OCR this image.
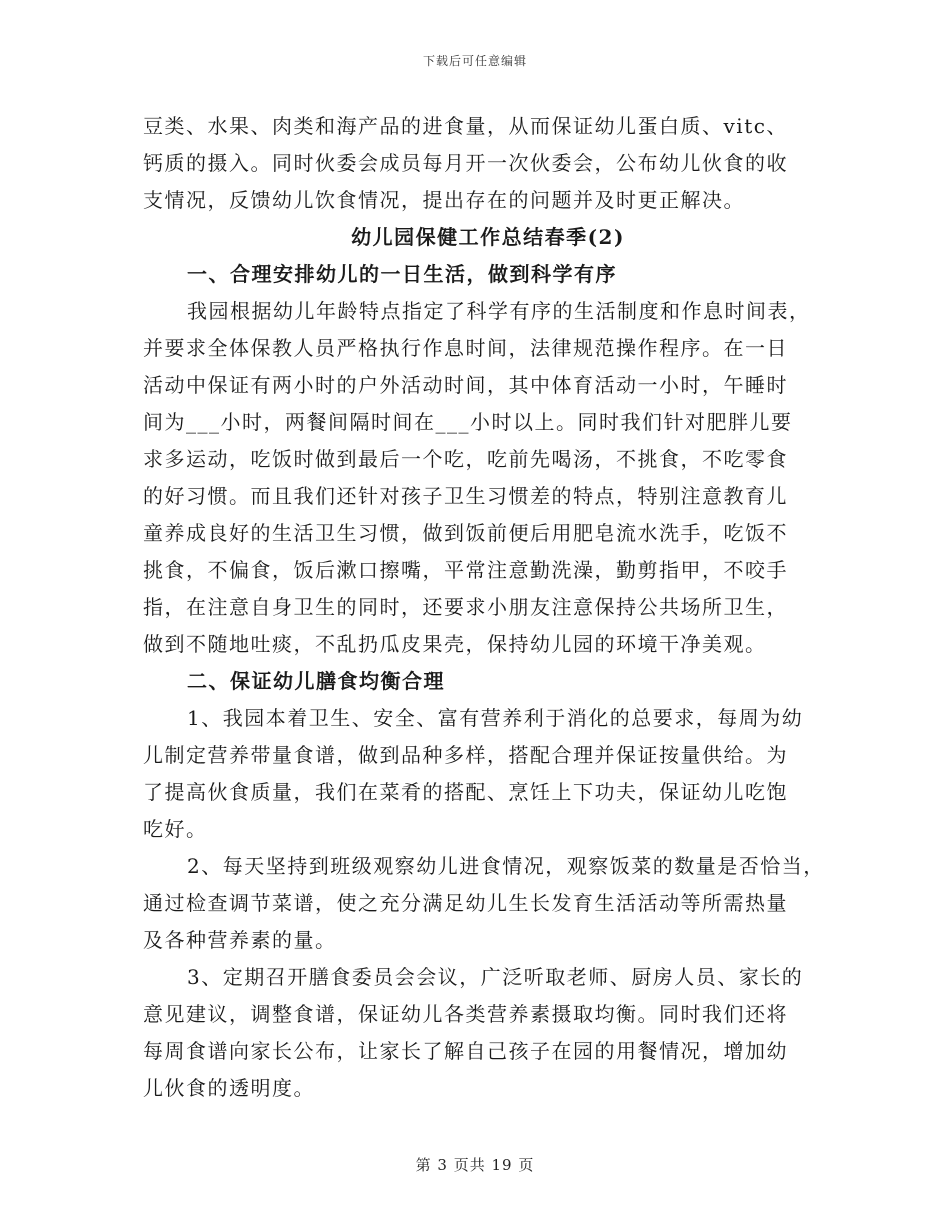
下载后可任意编辑
豆类、水果、肉类和海产品的进食量，从而保证幼儿蛋白质、vitc、
钙质的摄入。同时伙委会成员每月开一次伙委会，公布幼儿伙食的收
支情况，反馈幼儿饮食情况，提出存在的问题并及时更正解决。
幼儿园保健工作总结春季(2)
一、合理安排幼儿的一日生活，做到科学有序
我园根据幼儿年龄特点指定了科学有序的生活制度和作息时间表，
并要求全体保教人员严格执行作息时间，法律规范操作程序。在一日
活动中保证有两小时的户外活动时间，其中体育活动一小时，午睡时
间为___小时，两餐间隔时间在___小时以上。同时我们针对肥胖儿要
求多运动，吃饭时做到最后一个吃，吃前先喝汤，不挑食，不吃零食
的好习惯。而且我们还针对孩子卫生习惯差的特点，特别注意教育儿
童养成良好的生活卫生习惯，做到饭前便后用肥皂流水洗手，吃饭不
挑食，不偏食，饭后漱口擦嘴，平常注意勤洗澡，勤剪指甲，不咬手
指，在注意自身卫生的同时，还要求小朋友注意保持公共场所卫生，
做到不随地吐痰，不乱扔瓜皮果壳，保持幼儿园的环境干净美观。
二、保证幼儿膳食均衡合理
1、我园本着卫生、安全、富有营养利于消化的总要求，每周为幼
儿制定营养带量食谱，做到品种多样，搭配合理并保证按量供给。为
了提高伙食质量，我们在菜肴的搭配、烹饪上下功夫，保证幼儿吃饱
吃好。
2、每天坚持到班级观察幼儿进食情况，观察饭菜的数量是否恰当，
通过检查调节菜谱，使之充分满足幼儿生长发育生活活动等所需热量
及各种营养素的量。
3、定期召开膳食委员会会议，广泛听取老师、厨房人员、家长的
意见建议，调整食谱，保证幼儿各类营养素摄取均衡。同时我们还将
每周食谱向家长公布，让家长了解自己孩子在园的用餐情况，增加幼
儿伙食的透明度。
第 3 页共 19 页
